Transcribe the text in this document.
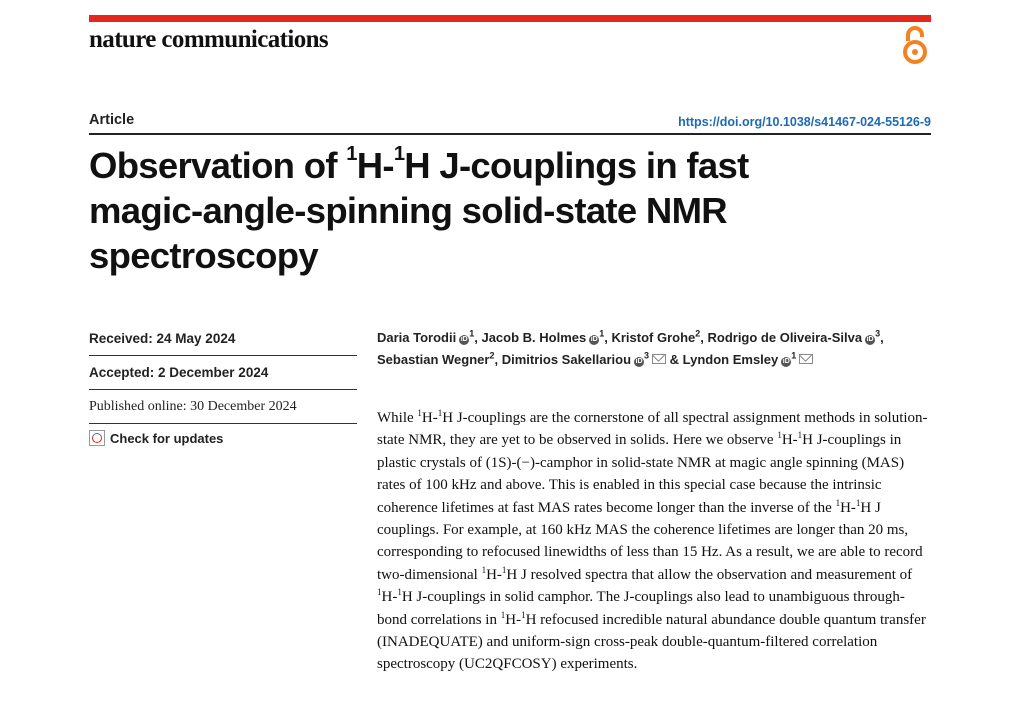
nature communications
Article	https://doi.org/10.1038/s41467-024-55126-9
Observation of $^1$H-$^1$H J-couplings in fast
magic-angle-spinning solid-state NMR
spectroscopy
Received: 24 May 2024
Accepted: 2 December 2024
Published online: 30 December 2024
Check for updates
Daria Torodii $iD^1$, Jacob B. Holmes $iD^1$, Kristof Grohe$^2$, Rodrigo de Oliveira-Silva $iD^3$,
Sebastian Wegner$^2$, Dimitrios Sakellariou $iD^3$ & Lyndon Emsley $iD^1$

While $^1$H-$^1$H J-couplings are the cornerstone of all spectral assignment methods in solution-state NMR, they are yet to be observed in solids. Here we observe $^1$H-$^1$H J-couplings in plastic crystals of (1S)-(−)-camphor in solid-state NMR at magic angle spinning (MAS) rates of 100 kHz and above. This is enabled in this special case because the intrinsic coherence lifetimes at fast MAS rates become longer than the inverse of the $^1$H-$^1$H J couplings. For example, at 160 kHz MAS the coherence lifetimes are longer than 20 ms, corresponding to refocused linewidths of less than 15 Hz. As a result, we are able to record two-dimensional $^1$H-$^1$H J resolved spectra that allow the observation and measurement of $^1$H-$^1$H J-couplings in solid camphor. The J-couplings also lead to unambiguous through-bond correlations in $^1$H-$^1$H refocused incredible natural abundance double quantum transfer (INADEQUATE) and uniform-sign cross-peak double-quantum-filtered correlation spectroscopy (UC2QFCOSY) experiments.
